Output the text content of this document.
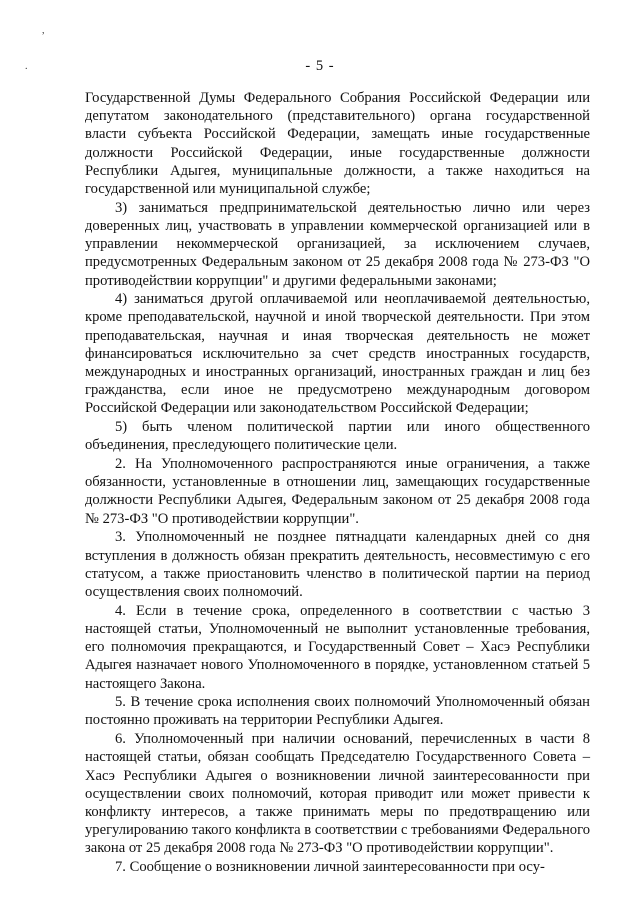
,
.	- 5 -

Государственной Думы Федерального Собрания Российской Федерации или депутатом законодательного (представительного) органа государственной власти субъекта Российской Федерации, замещать иные государственные должности Российской Федерации, иные государственные должности Республики Адыгея, муниципальные должности, а также находиться на государственной или муниципальной службе;

3) заниматься предпринимательской деятельностью лично или через доверенных лиц, участвовать в управлении коммерческой организацией или в управлении некоммерческой организацией, за исключением случаев, предусмотренных Федеральным законом от 25 декабря 2008 года № 273-ФЗ "О противодействии коррупции" и другими федеральными законами;

4) заниматься другой оплачиваемой или неоплачиваемой деятельностью, кроме преподавательской, научной и иной творческой деятельности. При этом преподавательская, научная и иная творческая деятельность не может финансироваться исключительно за счет средств иностранных государств, международных и иностранных организаций, иностранных граждан и лиц без гражданства, если иное не предусмотрено международным договором Российской Федерации или законодательством Российской Федерации;

5) быть членом политической партии или иного общественного объединения, преследующего политические цели.

2. На Уполномоченного распространяются иные ограничения, а также обязанности, установленные в отношении лиц, замещающих государственные должности Республики Адыгея, Федеральным законом от 25 декабря 2008 года № 273-ФЗ "О противодействии коррупции".

3. Уполномоченный не позднее пятнадцати календарных дней со дня вступления в должность обязан прекратить деятельность, несовместимую с его статусом, а также приостановить членство в политической партии на период осуществления своих полномочий.

4. Если в течение срока, определенного в соответствии с частью 3 настоящей статьи, Уполномоченный не выполнит установленные требования, его полномочия прекращаются, и Государственный Совет – Хасэ Республики Адыгея назначает нового Уполномоченного в порядке, установленном статьей 5 настоящего Закона.

5. В течение срока исполнения своих полномочий Уполномоченный обязан постоянно проживать на территории Республики Адыгея.

6. Уполномоченный при наличии оснований, перечисленных в части 8 настоящей статьи, обязан сообщать Председателю Государственного Совета – Хасэ Республики Адыгея о возникновении личной заинтересованности при осуществлении своих полномочий, которая приводит или может привести к конфликту интересов, а также принимать меры по предотвращению или урегулированию такого конфликта в соответствии с требованиями Федерального закона от 25 декабря 2008 года № 273-ФЗ "О противодействии коррупции".

7. Сообщение о возникновении личной заинтересованности при осу-
